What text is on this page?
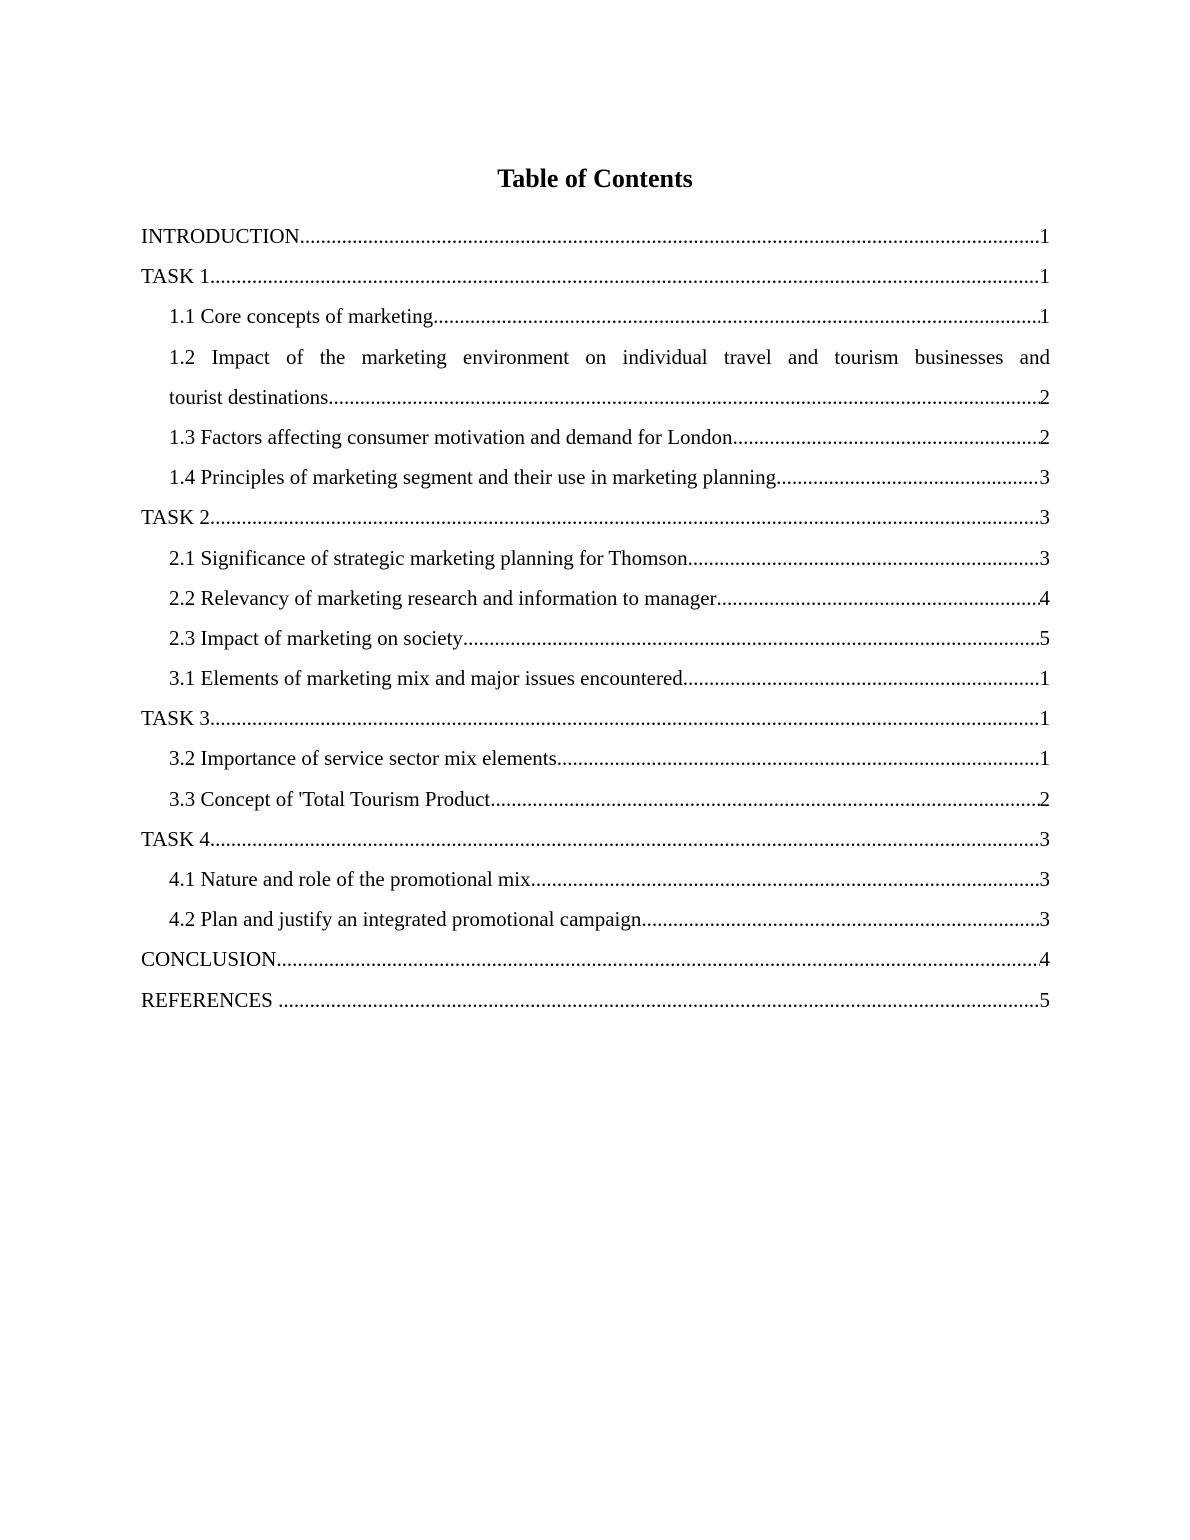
Table of Contents
INTRODUCTION .....	1
TASK 1 .....	1
1.1 Core concepts of marketing .....	1
1.2 Impact of the marketing environment on individual travel and tourism businesses and
tourist destinations .....	2
1.3 Factors affecting consumer motivation and demand for London .....	2
1.4 Principles of marketing segment and their use in marketing planning .....	3
TASK 2 .....	3
2.1 Significance of strategic marketing planning for Thomson .....	3
2.2 Relevancy of marketing research and information to manager .....	4
2.3 Impact of marketing on society .....	5
3.1 Elements of marketing mix and major issues encountered .....	1
TASK 3 .....	1
3.2 Importance of service sector mix elements .....	1
3.3 Concept of 'Total Tourism Product .....	2
TASK 4 .....	3
4.1 Nature and role of the promotional mix .....	3
4.2 Plan and justify an integrated promotional campaign .....	3
CONCLUSION .....	4
REFERENCES .....	5
